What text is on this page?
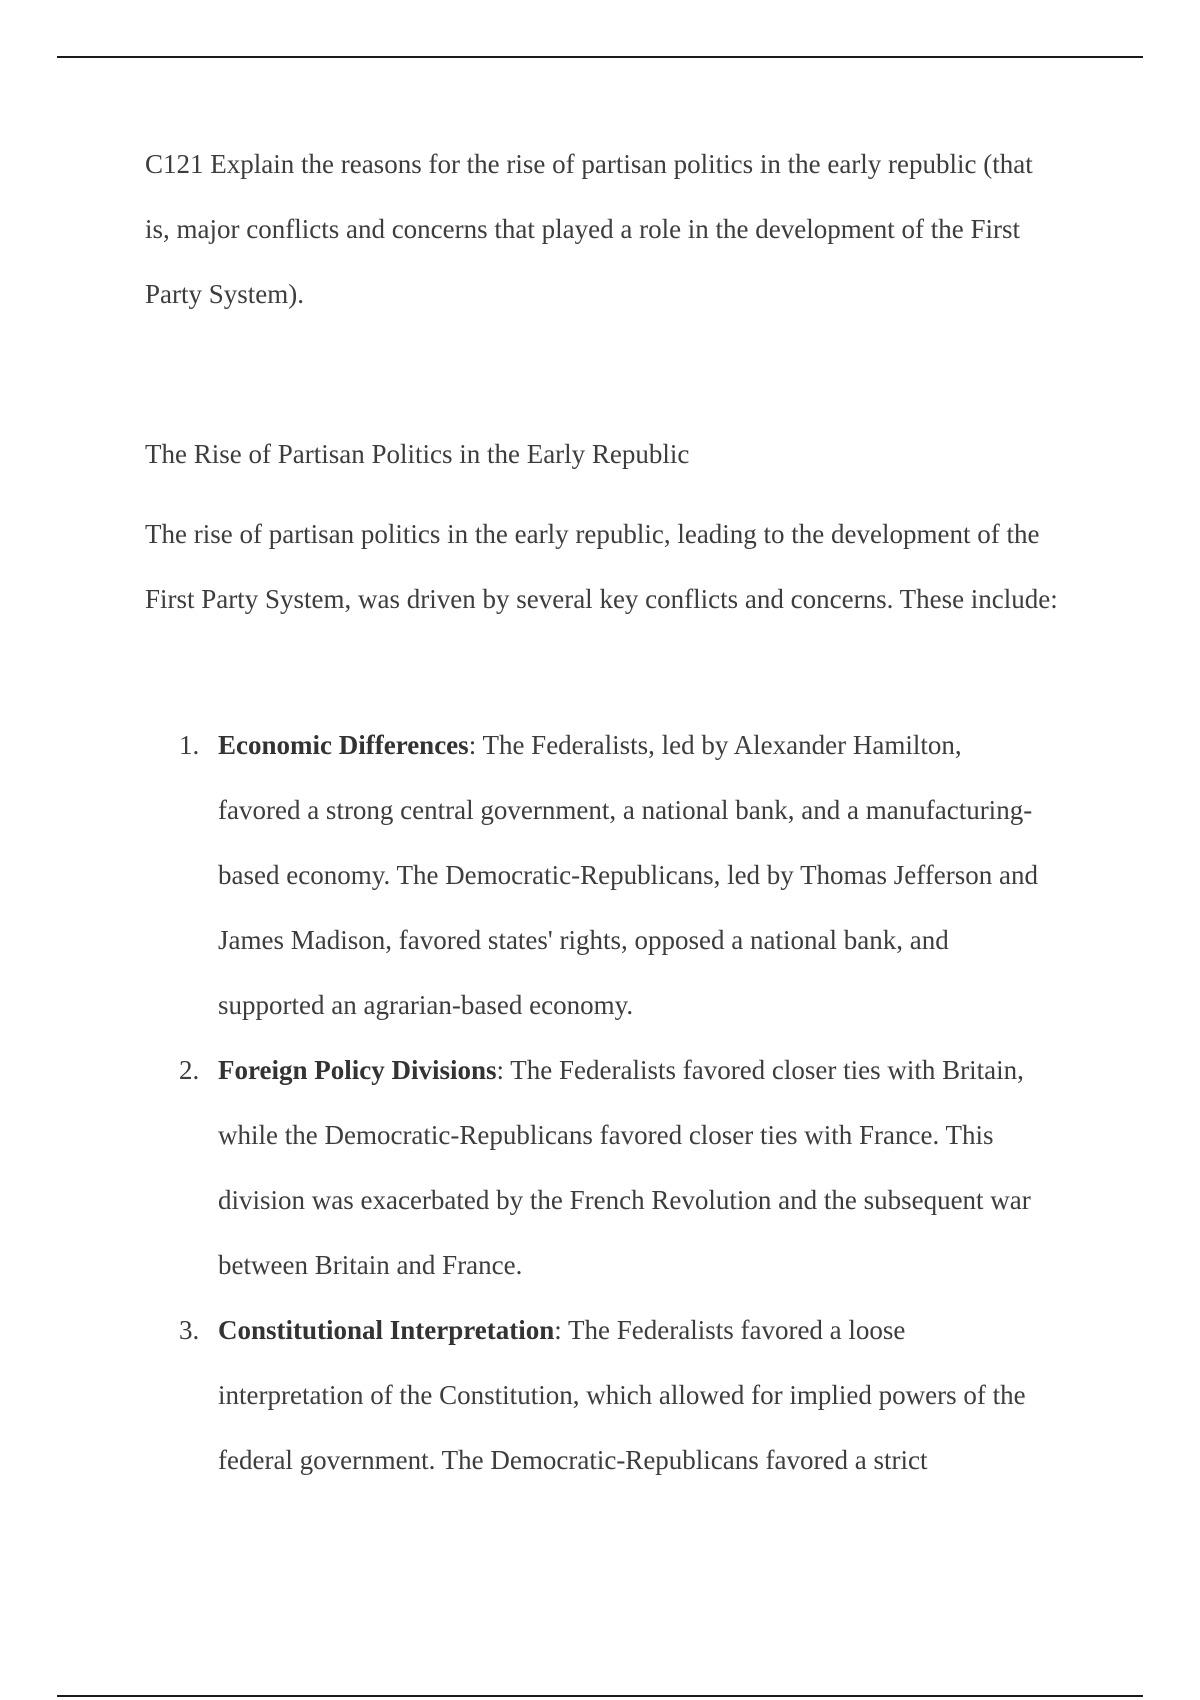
C121 Explain the reasons for the rise of partisan politics in the early republic (that is, major conflicts and concerns that played a role in the development of the First Party System).

The Rise of Partisan Politics in the Early Republic

The rise of partisan politics in the early republic, leading to the development of the First Party System, was driven by several key conflicts and concerns. These include:

1. Economic Differences: The Federalists, led by Alexander Hamilton, favored a strong central government, a national bank, and a manufacturing-based economy. The Democratic-Republicans, led by Thomas Jefferson and James Madison, favored states' rights, opposed a national bank, and supported an agrarian-based economy.
2. Foreign Policy Divisions: The Federalists favored closer ties with Britain, while the Democratic-Republicans favored closer ties with France. This division was exacerbated by the French Revolution and the subsequent war between Britain and France.
3. Constitutional Interpretation: The Federalists favored a loose interpretation of the Constitution, which allowed for implied powers of the federal government. The Democratic-Republicans favored a strict
